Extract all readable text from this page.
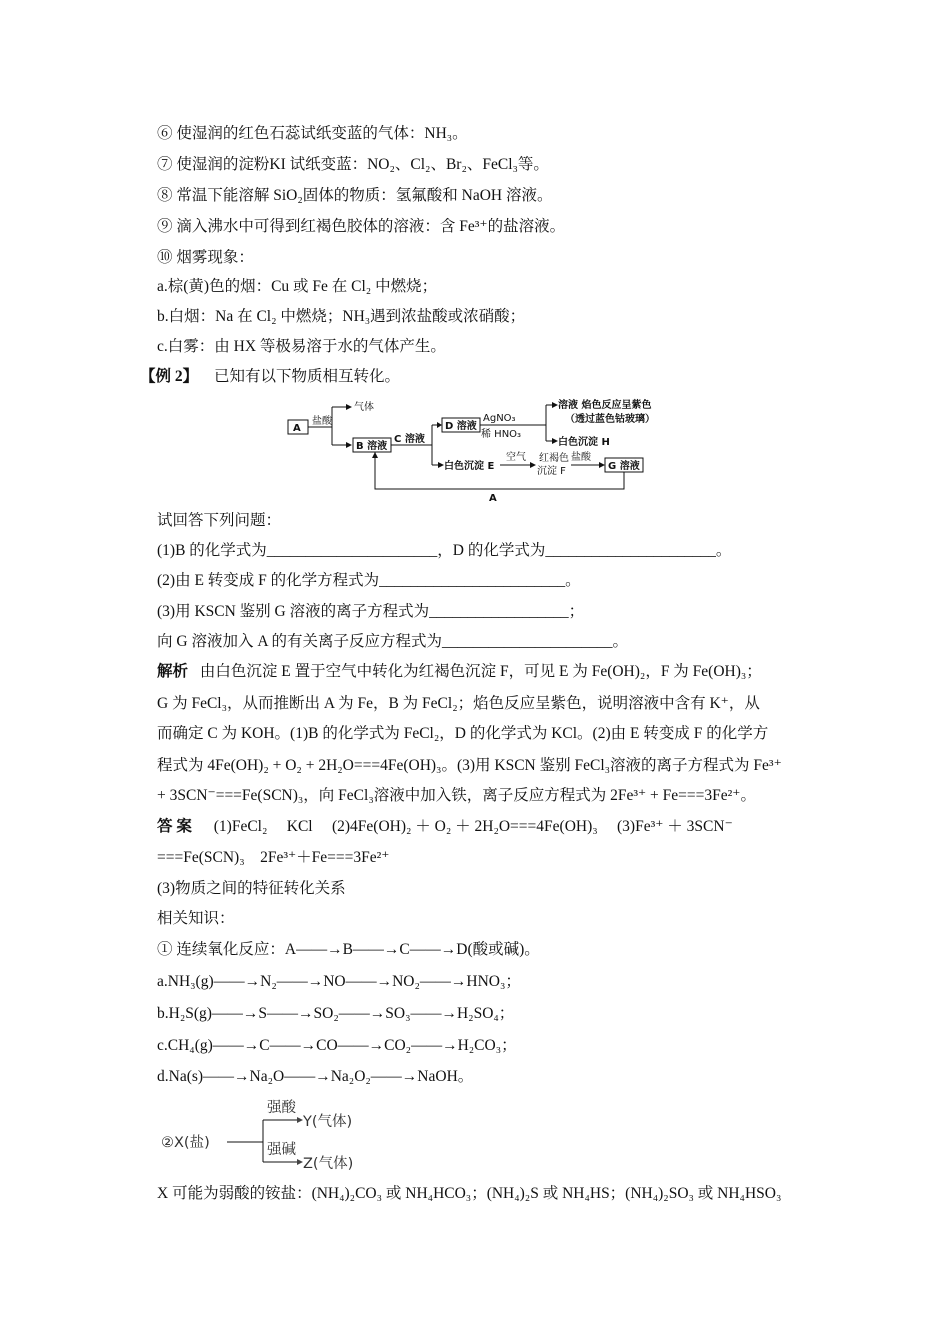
⑥ 使湿润的红色石蕊试纸变蓝的气体：NH₃。
⑦ 使湿润的淀粉KI 试纸变蓝：NO₂、Cl₂、Br₂、FeCl₃等。
⑧ 常温下能溶解 SiO₂固体的物质：氢氟酸和 NaOH 溶液。
⑨ 滴入沸水中可得到红褐色胶体的溶液：含 Fe³⁺的盐溶液。
⑩ 烟雾现象：
a.棕(黄)色的烟：Cu 或 Fe 在 Cl₂ 中燃烧；
b.白烟：Na 在 Cl₂ 中燃烧；NH₃遇到浓盐酸或浓硝酸；
c.白雾：由 HX 等极易溶于水的气体产生。
【例 2】 已知有以下物质相互转化。
A
盐酸
气体
B 溶液
C 溶液
D 溶液
AgNO₃
稀 HNO₃
溶液 焰色反应呈紫色
（透过蓝色钴玻璃）
白色沉淀 H
白色沉淀 E
空气 红褐色
沉淀 F
盐酸
G 溶液
A
试回答下列问题：
(1)B 的化学式为______________________，D 的化学式为______________________。
(2)由 E 转变成 F 的化学方程式为________________________。
(3)用 KSCN 鉴别 G 溶液的离子方程式为__________________；
向 G 溶液加入 A 的有关离子反应方程式为______________________。
解析 由白色沉淀 E 置于空气中转化为红褐色沉淀 F，可见 E 为 Fe(OH)₂，F 为 Fe(OH)₃；
G 为 FeCl₃，从而推断出 A 为 Fe，B 为 FeCl₂；焰色反应呈紫色，说明溶液中含有 K⁺，从
而确定 C 为 KOH。(1)B 的化学式为 FeCl₂，D 的化学式为 KCl。(2)由 E 转变成 F 的化学方
程式为 4Fe(OH)₂ + O₂ + 2H₂O===4Fe(OH)₃。(3)用 KSCN 鉴别 FeCl₃溶液的离子方程式为 Fe³⁺
+ 3SCN⁻===Fe(SCN)₃，向 FeCl₃溶液中加入铁，离子反应方程式为 2Fe³⁺ + Fe===3Fe²⁺。
答 案 (1)FeCl₂　 KCl　 (2)4Fe(OH)₂ ＋ O₂ ＋ 2H₂O===4Fe(OH)₃　 (3)Fe³⁺ ＋ 3SCN⁻
===Fe(SCN)₃　2Fe³⁺＋Fe===3Fe²⁺
(3)物质之间的特征转化关系
相关知识：
① 连续氧化反应：A——→B——→C——→D(酸或碱)。
a.NH₃(g)——→N₂——→NO——→NO₂——→HNO₃；
b.H₂S(g)——→S——→SO₂——→SO₃——→H₂SO₄；
c.CH₄(g)——→C——→CO——→CO₂——→H₂CO₃；
d.Na(s)——→Na₂O——→Na₂O₂——→NaOH。
②X(盐)
强酸
Y(气体)
强碱
Z(气体)
X 可能为弱酸的铵盐：(NH₄)₂CO₃ 或 NH₄HCO₃；(NH₄)₂S 或 NH₄HS；(NH₄)₂SO₃ 或 NH₄HSO₃
